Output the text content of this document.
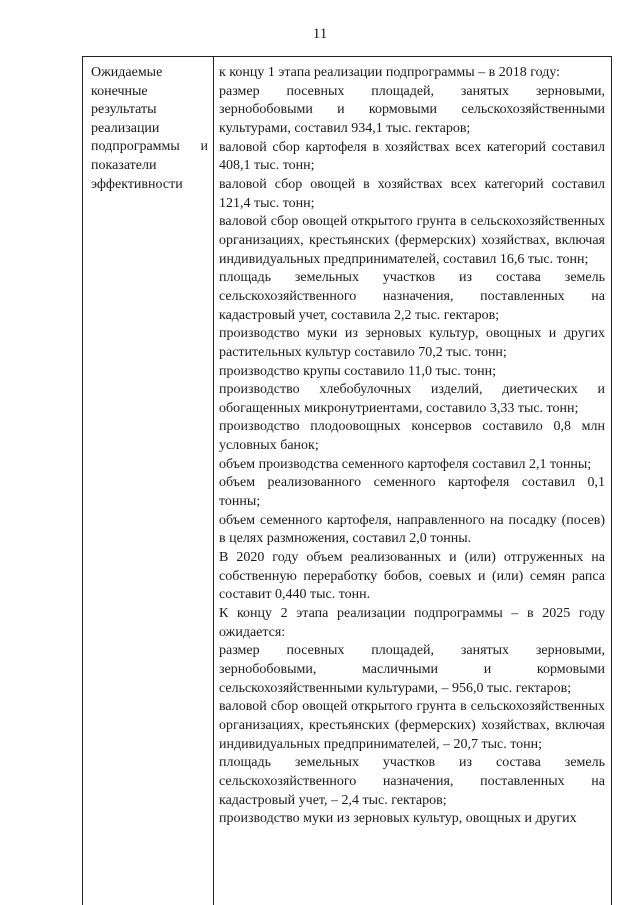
11
Ожидаемые
конечные
результаты
реализации
подпрограммы и
показатели
эффективности
к концу 1 этапа реализации подпрограммы – в 2018 году:
размер посевных площадей, занятых зерновыми, зернобобовыми и кормовыми сельскохозяйственными культурами, составил 934,1 тыс. гектаров;
валовой сбор картофеля в хозяйствах всех категорий составил 408,1 тыс. тонн;
валовой сбор овощей в хозяйствах всех категорий составил 121,4 тыс. тонн;
валовой сбор овощей открытого грунта в сельскохозяйственных организациях, крестьянских (фермерских) хозяйствах, включая индивидуальных предпринимателей, составил 16,6 тыс. тонн;
площадь земельных участков из состава земель сельскохозяйственного назначения, поставленных на кадастровый учет, составила 2,2 тыс. гектаров;
производство муки из зерновых культур, овощных и других растительных культур составило 70,2 тыс. тонн;
производство крупы составило 11,0 тыс. тонн;
производство хлебобулочных изделий, диетических и обогащенных микронутриентами, составило 3,33 тыс. тонн;
производство плодоовощных консервов составило 0,8 млн условных банок;
объем производства семенного картофеля составил 2,1 тонны;
объем реализованного семенного картофеля составил 0,1 тонны;
объем семенного картофеля, направленного на посадку (посев) в целях размножения, составил 2,0 тонны.
В 2020 году объем реализованных и (или) отгруженных на собственную переработку бобов, соевых и (или) семян рапса составит 0,440 тыс. тонн.
К концу 2 этапа реализации подпрограммы – в 2025 году ожидается:
размер посевных площадей, занятых зерновыми, зернобобовыми, масличными и кормовыми сельскохозяйственными культурами, – 956,0 тыс. гектаров;
валовой сбор овощей открытого грунта в сельскохозяйственных организациях, крестьянских (фермерских) хозяйствах, включая индивидуальных предпринимателей, – 20,7 тыс. тонн;
площадь земельных участков из состава земель сельскохозяйственного назначения, поставленных на кадастровый учет, – 2,4 тыс. гектаров;
производство муки из зерновых культур, овощных и других
